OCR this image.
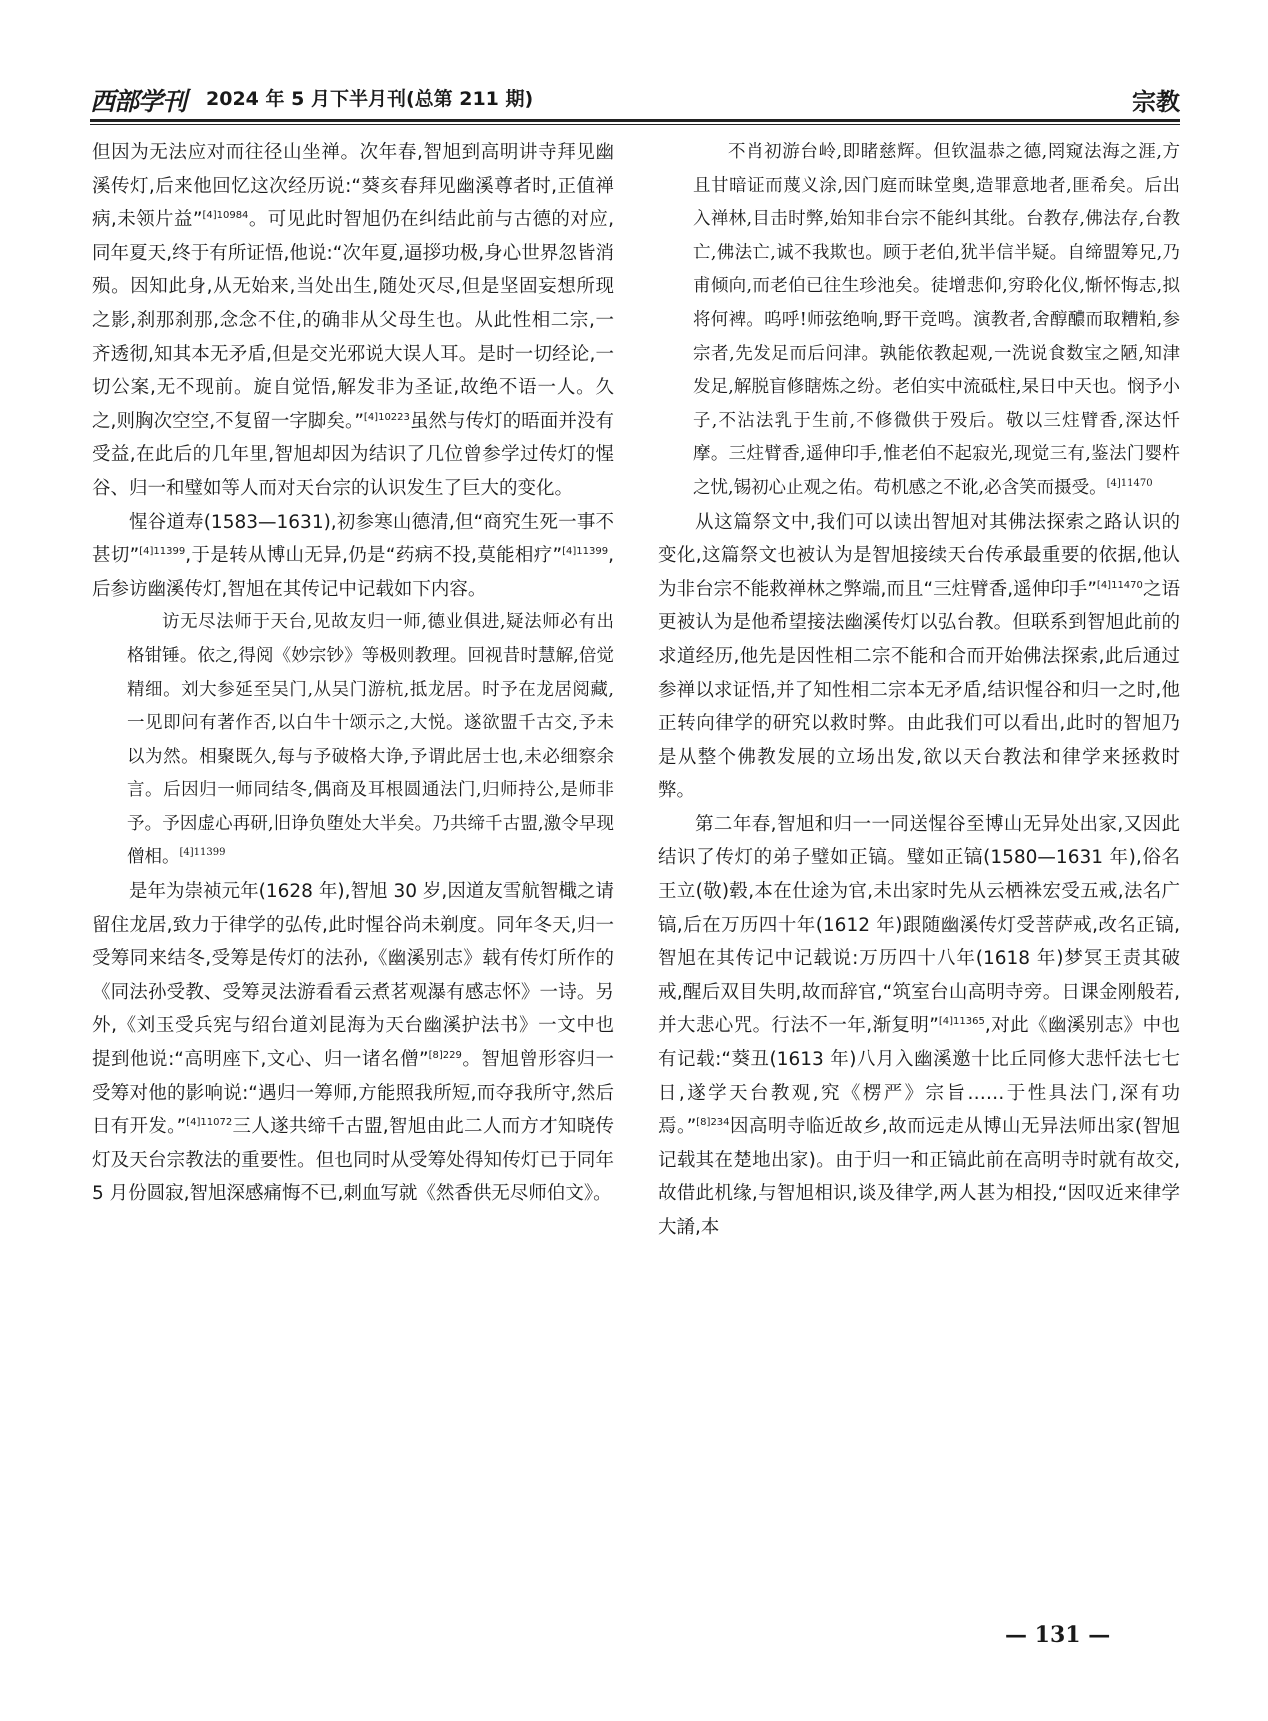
西部学刊 2024 年 5 月下半月刊(总第 211 期)	宗教

但因为无法应对而往径山坐禅。次年春,智旭到高明讲寺拜见幽溪传灯,后来他回忆这次经历说:“葵亥春拜见幽溪尊者时,正值禅病,未领片益”$^{[4]10984}$。可见此时智旭仍在纠结此前与古德的对应,同年夏天,终于有所证悟,他说:“次年夏,逼拶功极,身心世界忽皆消殒。因知此身,从无始来,当处出生,随处灭尽,但是坚固妄想所现之影,刹那刹那,念念不住,的确非从父母生也。从此性相二宗,一齐透彻,知其本无矛盾,但是交光邪说大误人耳。是时一切经论,一切公案,无不现前。旋自觉悟,解发非为圣证,故绝不语一人。久之,则胸次空空,不复留一字脚矣。”$^{[4]10223}$虽然与传灯的晤面并没有受益,在此后的几年里,智旭却因为结识了几位曾参学过传灯的惺谷、归一和璧如等人而对天台宗的认识发生了巨大的变化。

惺谷道寿(1583—1631),初参寒山德清,但“商究生死一事不甚切”$^{[4]11399}$,于是转从博山无异,仍是“药病不投,莫能相疗”$^{[4]11399}$,后参访幽溪传灯,智旭在其传记中记载如下内容。

访无尽法师于天台,见故友归一师,德业俱进,疑法师必有出格钳锤。依之,得阅《妙宗钞》等极则教理。回视昔时慧解,倍觉精细。刘大参延至吴门,从吴门游杭,抵龙居。时予在龙居阅藏,一见即问有著作否,以白牛十颂示之,大悦。遂欲盟千古交,予未以为然。相聚既久,每与予破格大诤,予谓此居士也,未必细察余言。后因归一师同结冬,偶商及耳根圆通法门,归师持公,是师非予。予因虚心再研,旧诤负堕处大半矣。乃共缔千古盟,激令早现僧相。$^{[4]11399}$

是年为崇祯元年(1628 年),智旭 30 岁,因道友雪航智檝之请留住龙居,致力于律学的弘传,此时惺谷尚未剃度。同年冬天,归一受筹同来结冬,受筹是传灯的法孙,《幽溪别志》载有传灯所作的《同法孙受教、受筹灵法游看看云煮茗观瀑有感志怀》一诗。另外,《刘玉受兵宪与绍台道刘昆海为天台幽溪护法书》一文中也提到他说:“高明座下,文心、归一诸名僧”$^{[8]229}$。智旭曾形容归一受筹对他的影响说:“遇归一筹师,方能照我所短,而夺我所守,然后日有开发。”$^{[4]11072}$三人遂共缔千古盟,智旭由此二人而方才知晓传灯及天台宗教法的重要性。但也同时从受筹处得知传灯已于同年 5 月份圆寂,智旭深感痛悔不已,刺血写就《然香供无尽师伯文》。

不肖初游台岭,即睹慈辉。但钦温恭之德,罔窥法海之涯,方且甘暗证而蔑义涂,因门庭而昧堂奥,造罪意地者,匪希矣。后出入禅林,目击时弊,始知非台宗不能纠其纰。台教存,佛法存,台教亡,佛法亡,诚不我欺也。顾于老伯,犹半信半疑。自缔盟筹兄,乃甫倾向,而老伯已往生珍池矣。徒增悲仰,穷聆化仪,惭怀悔志,拟将何裨。呜呼!师弦绝响,野干竞鸣。演教者,舍醇醲而取糟粕,参宗者,先发足而后问津。孰能依教起观,一洗说食数宝之陋,知津发足,解脱盲修瞎炼之纷。老伯实中流砥柱,杲日中天也。悯予小子,不沾法乳于生前,不修微供于殁后。敬以三炷臂香,深达忏摩。三炷臂香,遥伸印手,惟老伯不起寂光,现觉三有,鉴法门婴杵之忧,锡初心止观之佑。苟机感之不讹,必含笑而摄受。$^{[4]11470}$

从这篇祭文中,我们可以读出智旭对其佛法探索之路认识的变化,这篇祭文也被认为是智旭接续天台传承最重要的依据,他认为非台宗不能救禅林之弊端,而且“三炷臂香,遥伸印手”$^{[4]11470}$之语更被认为是他希望接法幽溪传灯以弘台教。但联系到智旭此前的求道经历,他先是因性相二宗不能和合而开始佛法探索,此后通过参禅以求证悟,并了知性相二宗本无矛盾,结识惺谷和归一之时,他正转向律学的研究以救时弊。由此我们可以看出,此时的智旭乃是从整个佛教发展的立场出发,欲以天台教法和律学来拯救时弊。

第二年春,智旭和归一一同送惺谷至博山无异处出家,又因此结识了传灯的弟子璧如正镐。璧如正镐(1580—1631 年),俗名王立(敬)毂,本在仕途为官,未出家时先从云栖袾宏受五戒,法名广镐,后在万历四十年(1612 年)跟随幽溪传灯受菩萨戒,改名正镐,智旭在其传记中记载说:万历四十八年(1618 年)梦冥王责其破戒,醒后双目失明,故而辞官,“筑室台山高明寺旁。日课金刚般若,并大悲心咒。行法不一年,渐复明”$^{[4]11365}$,对此《幽溪别志》中也有记载:“葵丑(1613 年)八月入幽溪邀十比丘同修大悲忏法七七日,遂学天台教观,究《楞严》宗旨……于性具法门,深有功焉。”$^{[8]234}$因高明寺临近故乡,故而远走从博山无异法师出家(智旭记载其在楚地出家)。由于归一和正镐此前在高明寺时就有故交,故借此机缘,与智旭相识,谈及律学,两人甚为相投,“因叹近来律学大誵,本

— 131 —
